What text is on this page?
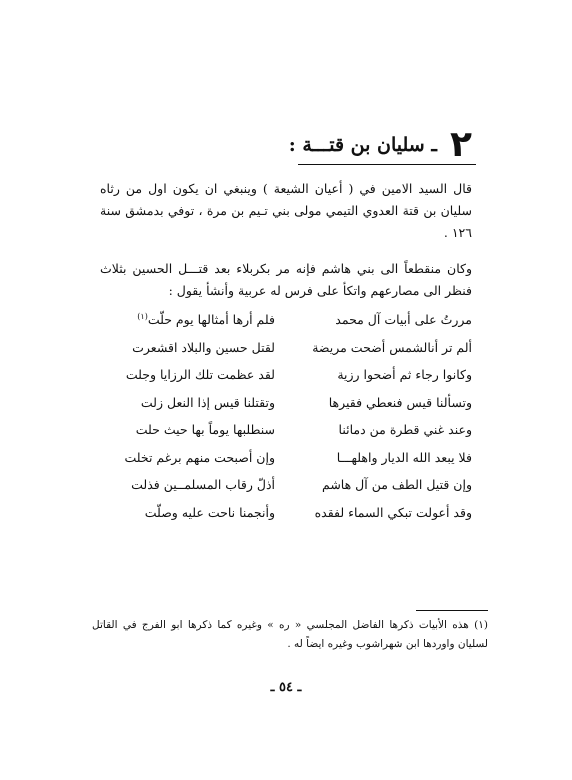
٢ ـ سليان بن قتـــة :

قال السيد الامين في ( أعيان الشيعة ) وينبغي ان يكون اول من رثاه سليان بن قتة العدوي التيمي مولى بني تـيم بن مرة ، توفي بدمشق سنة ١٢٦ .

وكان منقطعاً الى بني هاشم فإنه مر بكربلاء بعد قتـــل الحسين بثلاث فنظر الى مصارعهم واتكأ على فرس له عربية وأنشأ يقول :

مررتُ على أبيات آل محمد
فلم أرها أمثالها يوم حلّت$^{(١)}$
ألم تر أنالشمس أضحت مريضة
لقتل حسين والبلاد اقشعرت
وكانوا رجاء ثم أضحوا رزية
لقد عظمت تلك الرزايا وجلت
وتسألنا قيس فنعطي فقيرها
وتقتلنا قيس إذا النعل زلت
وعند غني قطرة من دمائنا
سنطلبها يوماً بها حيث حلت
فلا يبعد الله الديار واهلهـــا
وإن أصبحت منهم برغم تخلت
وإن قتيل الطف من آل هاشم
أذلّ رقاب المسلمــين فذلت
وقد أعولت تبكي السماء لفقده
وأنجمنا ناحت عليه وصلّت

(١) هذه الأبيات ذكرها الفاضل المجلسي « ره » وغيره كما ذكرها ابو الفرج في القاتل لسليان واوردها ابن شهراشوب وغيره ايضاً له .

ـ ٥٤ ـ
